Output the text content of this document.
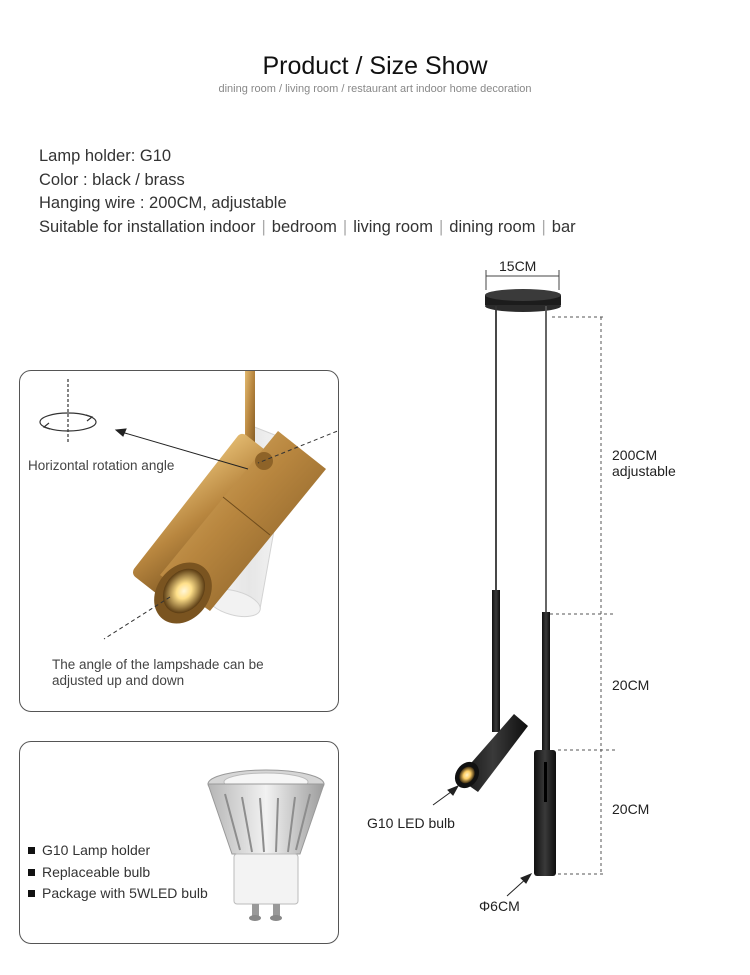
Product / Size Show
dining room / living room / restaurant art indoor home decoration
Lamp holder: G10
Color : black / brass
Hanging wire : 200CM, adjustable
Suitable for installation indoor | bedroom | living room | dining room | bar
Horizontal rotation angle
The angle of the lampshade can be
adjusted up and down
G10 Lamp holder
Replaceable bulb
Package with 5WLED bulb
15CM
200CM
adjustable
20CM
20CM
G10 LED bulb
Φ6CM
